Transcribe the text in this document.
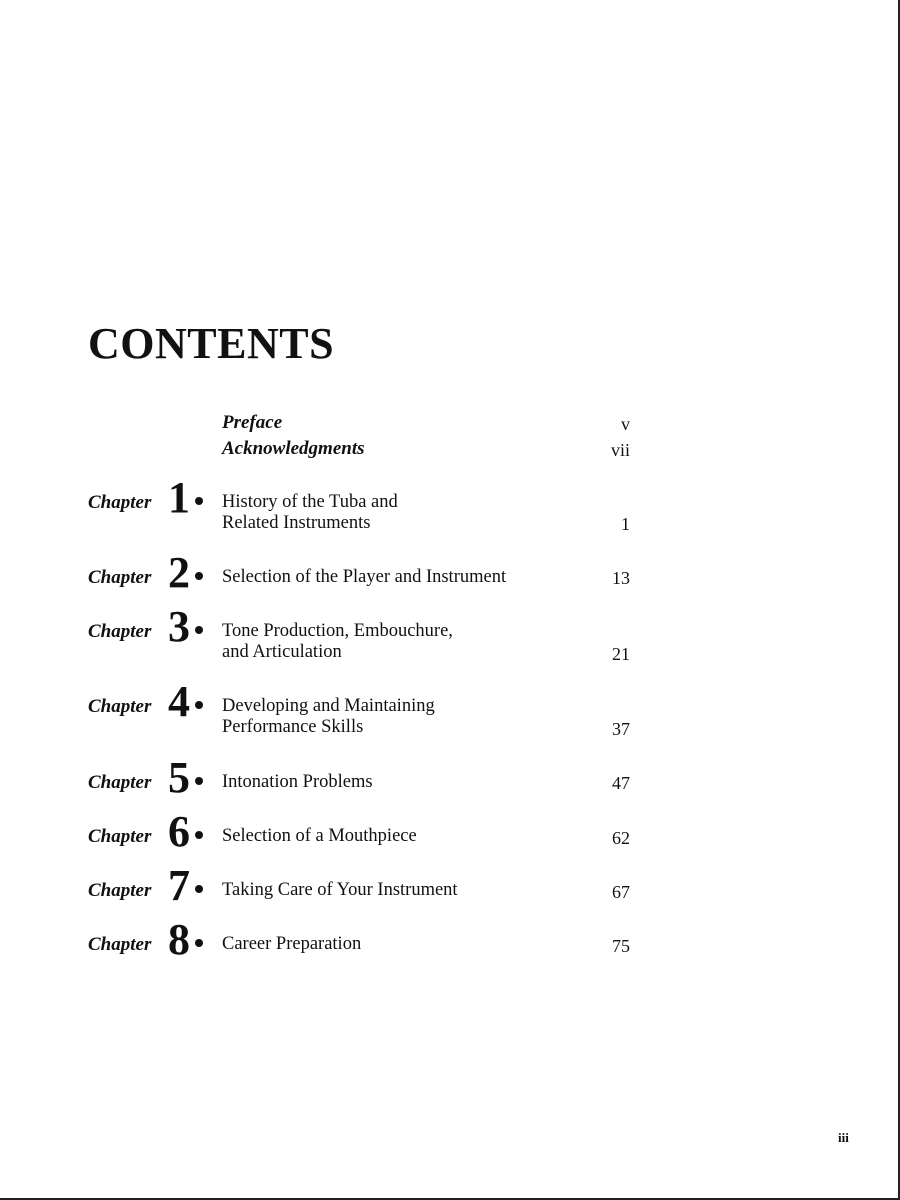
CONTENTS
Preface	v
Acknowledgments	vii
Chapter 1 History of the Tuba and
Related Instruments	1
Chapter 2 Selection of the Player and Instrument	13
Chapter 3 Tone Production, Embouchure,
and Articulation	21
Chapter 4 Developing and Maintaining
Performance Skills	37
Chapter 5 Intonation Problems	47
Chapter 6 Selection of a Mouthpiece	62
Chapter 7 Taking Care of Your Instrument	67
Chapter 8 Career Preparation	75
iii
